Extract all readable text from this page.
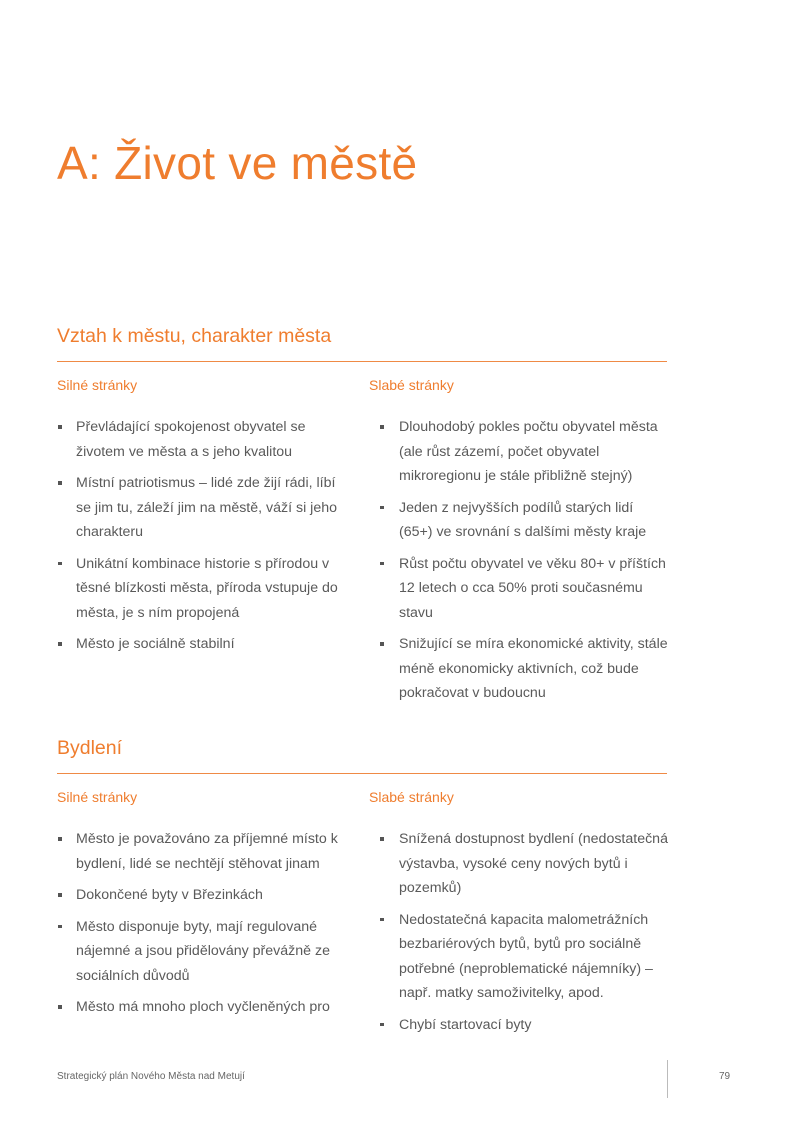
A: Život ve městě
Vztah k městu, charakter města
Silné stránky
Převládající spokojenost obyvatel se životem ve města a s jeho kvalitou
Místní patriotismus – lidé zde žijí rádi, líbí se jim tu, záleží jim na městě, váží si jeho charakteru
Unikátní kombinace historie s přírodou v těsné blízkosti města, příroda vstupuje do města, je s ním propojená
Město je sociálně stabilní
Slabé stránky
Dlouhodobý pokles počtu obyvatel města (ale růst zázemí, počet obyvatel mikroregionu je stále přibližně stejný)
Jeden z nejvyšších podílů starých lidí (65+) ve srovnání s dalšími městy kraje
Růst počtu obyvatel ve věku 80+ v příštích 12 letech o cca 50% proti současnému stavu
Snižující se míra ekonomické aktivity, stále méně ekonomicky aktivních, což bude pokračovat v budoucnu
Bydlení
Silné stránky
Město je považováno za příjemné místo k bydlení, lidé se nechtějí stěhovat jinam
Dokončené byty v Březinkách
Město disponuje byty, mají regulované nájemné a jsou přidělovány převážně ze sociálních důvodů
Město má mnoho ploch vyčleněných pro
Slabé stránky
Snížená dostupnost bydlení (nedostatečná výstavba, vysoké ceny nových bytů i pozemků)
Nedostatečná kapacita malometrážních bezbariérových bytů, bytů pro sociálně potřebné (neproblematické nájemníky) – např. matky samoživitelky, apod.
Chybí startovací byty
Strategický plán Nového Města nad Metují	79
